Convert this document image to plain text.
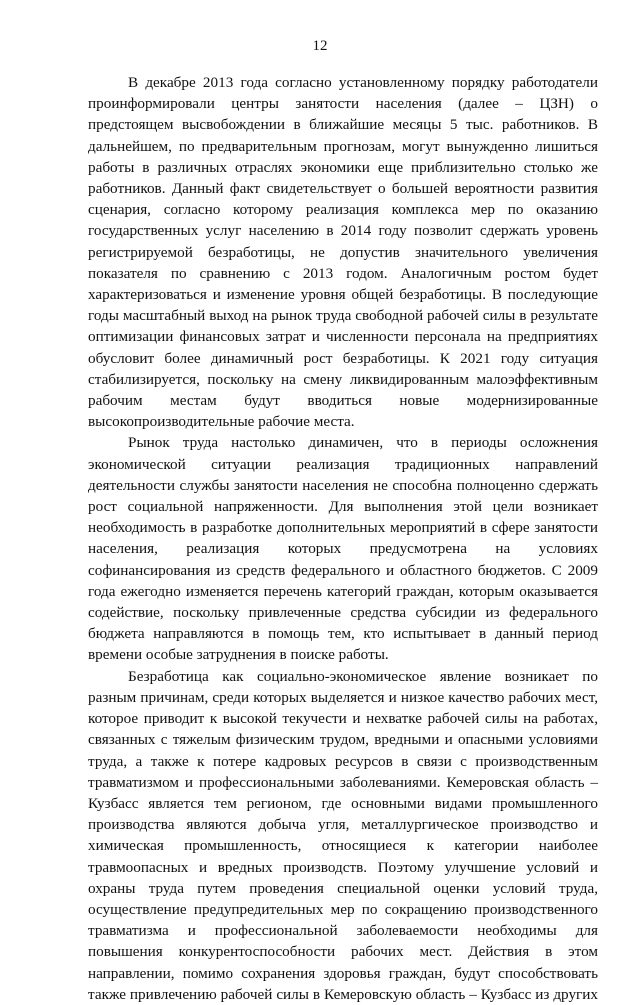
12

В декабре 2013 года согласно установленному порядку работодатели проинформировали центры занятости населения (далее – ЦЗН) о предстоящем высвобождении в ближайшие месяцы 5 тыс. работников. В дальнейшем, по предварительным прогнозам, могут вынужденно лишиться работы в различных отраслях экономики еще приблизительно столько же работников. Данный факт свидетельствует о большей вероятности развития сценария, согласно которому реализация комплекса мер по оказанию государственных услуг населению в 2014 году позволит сдержать уровень регистрируемой безработицы, не допустив значительного увеличения показателя по сравнению с 2013 годом. Аналогичным ростом будет характеризоваться и изменение уровня общей безработицы. В последующие годы масштабный выход на рынок труда свободной рабочей силы в результате оптимизации финансовых затрат и численности персонала на предприятиях обусловит более динамичный рост безработицы. К 2021 году ситуация стабилизируется, поскольку на смену ликвидированным малоэффективным рабочим местам будут вводиться новые модернизированные высокопроизводительные рабочие места.

Рынок труда настолько динамичен, что в периоды осложнения экономической ситуации реализация традиционных направлений деятельности службы занятости населения не способна полноценно сдержать рост социальной напряженности. Для выполнения этой цели возникает необходимость в разработке дополнительных мероприятий в сфере занятости населения, реализация которых предусмотрена на условиях софинансирования из средств федерального и областного бюджетов. С 2009 года ежегодно изменяется перечень категорий граждан, которым оказывается содействие, поскольку привлеченные средства субсидии из федерального бюджета направляются в помощь тем, кто испытывает в данный период времени особые затруднения в поиске работы.

Безработица как социально-экономическое явление возникает по разным причинам, среди которых выделяется и низкое качество рабочих мест, которое приводит к высокой текучести и нехватке рабочей силы на работах, связанных с тяжелым физическим трудом, вредными и опасными условиями труда, а также к потере кадровых ресурсов в связи с производственным травматизмом и профессиональными заболеваниями. Кемеровская область – Кузбасс является тем регионом, где основными видами промышленного производства являются добыча угля, металлургическое производство и химическая промышленность, относящиеся к категории наиболее травмоопасных и вредных производств. Поэтому улучшение условий и охраны труда путем проведения специальной оценки условий труда, осуществление предупредительных мер по сокращению производственного травматизма и профессиональной заболеваемости необходимы для повышения конкурентоспособности рабочих мест. Действия в этом направлении, помимо сохранения здоровья граждан, будут способствовать также привлечению рабочей силы в Кемеровскую область – Кузбасс из других
